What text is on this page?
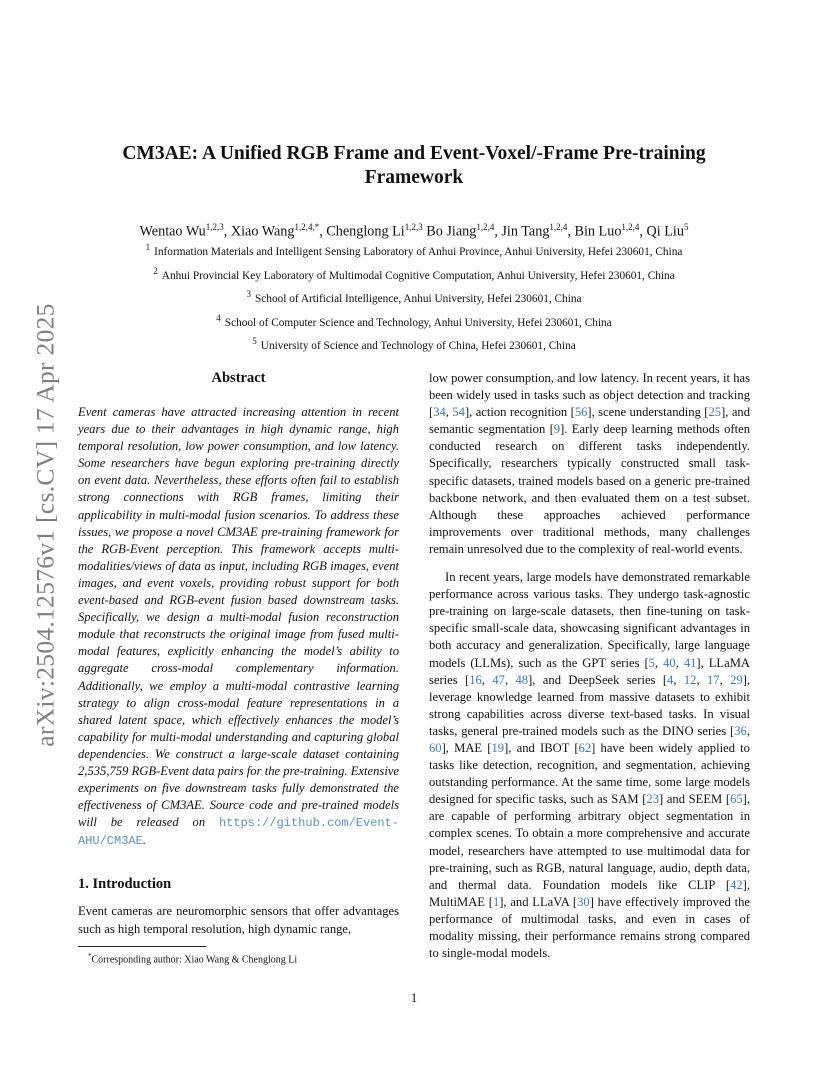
arXiv:2504.12576v1 [cs.CV] 17 Apr 2025
CM3AE: A Unified RGB Frame and Event-Voxel/-Frame Pre-training
Framework
Wentao Wu$^{1,2,3}$, Xiao Wang$^{1,2,4,*}$, Chenglong Li$^{1,2,3}$ Bo Jiang$^{1,2,4}$, Jin Tang$^{1,2,4}$, Bin Luo$^{1,2,4}$, Qi Liu$^5$
$^1$ Information Materials and Intelligent Sensing Laboratory of Anhui Province, Anhui University, Hefei 230601, China
$^2$ Anhui Provincial Key Laboratory of Multimodal Cognitive Computation, Anhui University, Hefei 230601, China
$^3$ School of Artificial Intelligence, Anhui University, Hefei 230601, China
$^4$ School of Computer Science and Technology, Anhui University, Hefei 230601, China
$^5$ University of Science and Technology of China, Hefei 230601, China
Abstract

Event cameras have attracted increasing attention in recent years due to their advantages in high dynamic range, high temporal resolution, low power consumption, and low latency. Some researchers have begun exploring pre-training directly on event data. Nevertheless, these efforts often fail to establish strong connections with RGB frames, limiting their applicability in multi-modal fusion scenarios. To address these issues, we propose a novel CM3AE pre-training framework for the RGB-Event perception. This framework accepts multi-modalities/views of data as input, including RGB images, event images, and event voxels, providing robust support for both event-based and RGB-event fusion based downstream tasks. Specifically, we design a multi-modal fusion reconstruction module that reconstructs the original image from fused multi-modal features, explicitly enhancing the model’s ability to aggregate cross-modal complementary information. Additionally, we employ a multi-modal contrastive learning strategy to align cross-modal feature representations in a shared latent space, which effectively enhances the model’s capability for multi-modal understanding and capturing global dependencies. We construct a large-scale dataset containing 2,535,759 RGB-Event data pairs for the pre-training. Extensive experiments on five downstream tasks fully demonstrated the effectiveness of CM3AE. Source code and pre-trained models will be released on https://github.com/Event-AHU/CM3AE.

1. Introduction

Event cameras are neuromorphic sensors that offer advantages such as high temporal resolution, high dynamic range,

low power consumption, and low latency. In recent years, it has been widely used in tasks such as object detection and tracking [34, 54], action recognition [56], scene understanding [25], and semantic segmentation [9]. Early deep learning methods often conducted research on different tasks independently. Specifically, researchers typically constructed small task-specific datasets, trained models based on a generic pre-trained backbone network, and then evaluated them on a test subset. Although these approaches achieved performance improvements over traditional methods, many challenges remain unresolved due to the complexity of real-world events.

In recent years, large models have demonstrated remarkable performance across various tasks. They undergo task-agnostic pre-training on large-scale datasets, then fine-tuning on task-specific small-scale data, showcasing significant advantages in both accuracy and generalization. Specifically, large language models (LLMs), such as the GPT series [5, 40, 41], LLaMA series [16, 47, 48], and DeepSeek series [4, 12, 17, 29], leverage knowledge learned from massive datasets to exhibit strong capabilities across diverse text-based tasks. In visual tasks, general pre-trained models such as the DINO series [36, 60], MAE [19], and IBOT [62] have been widely applied to tasks like detection, recognition, and segmentation, achieving outstanding performance. At the same time, some large models designed for specific tasks, such as SAM [23] and SEEM [65], are capable of performing arbitrary object segmentation in complex scenes. To obtain a more comprehensive and accurate model, researchers have attempted to use multimodal data for pre-training, such as RGB, natural language, audio, depth data, and thermal data. Foundation models like CLIP [42], MultiMAE [1], and LLaVA [30] have effectively improved the performance of multimodal tasks, and even in cases of modality missing, their performance remains strong compared to single-modal models.

*Corresponding author: Xiao Wang & Chenglong Li
1
